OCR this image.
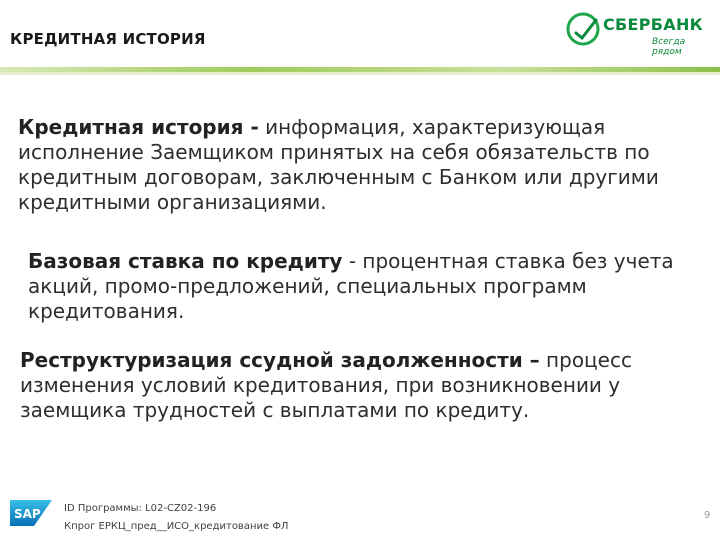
КРЕДИТНАЯ ИСТОРИЯ
СБЕРБАНК
Всегда рядом

Кредитная история - информация, характеризующая исполнение Заемщиком принятых на себя обязательств по кредитным договорам, заключенным с Банком или другими кредитными организациями.

Базовая ставка по кредиту - процентная ставка без учета акций, промо-предложений, специальных программ кредитования.

Реструктуризация ссудной задолженности – процесс изменения условий кредитования, при возникновении у заемщика трудностей с выплатами по кредиту.

SAP ID Программы: L02-CZ02-196
Кпрог ЕРКЦ_пред__ИСО_кредитование ФЛ
9
